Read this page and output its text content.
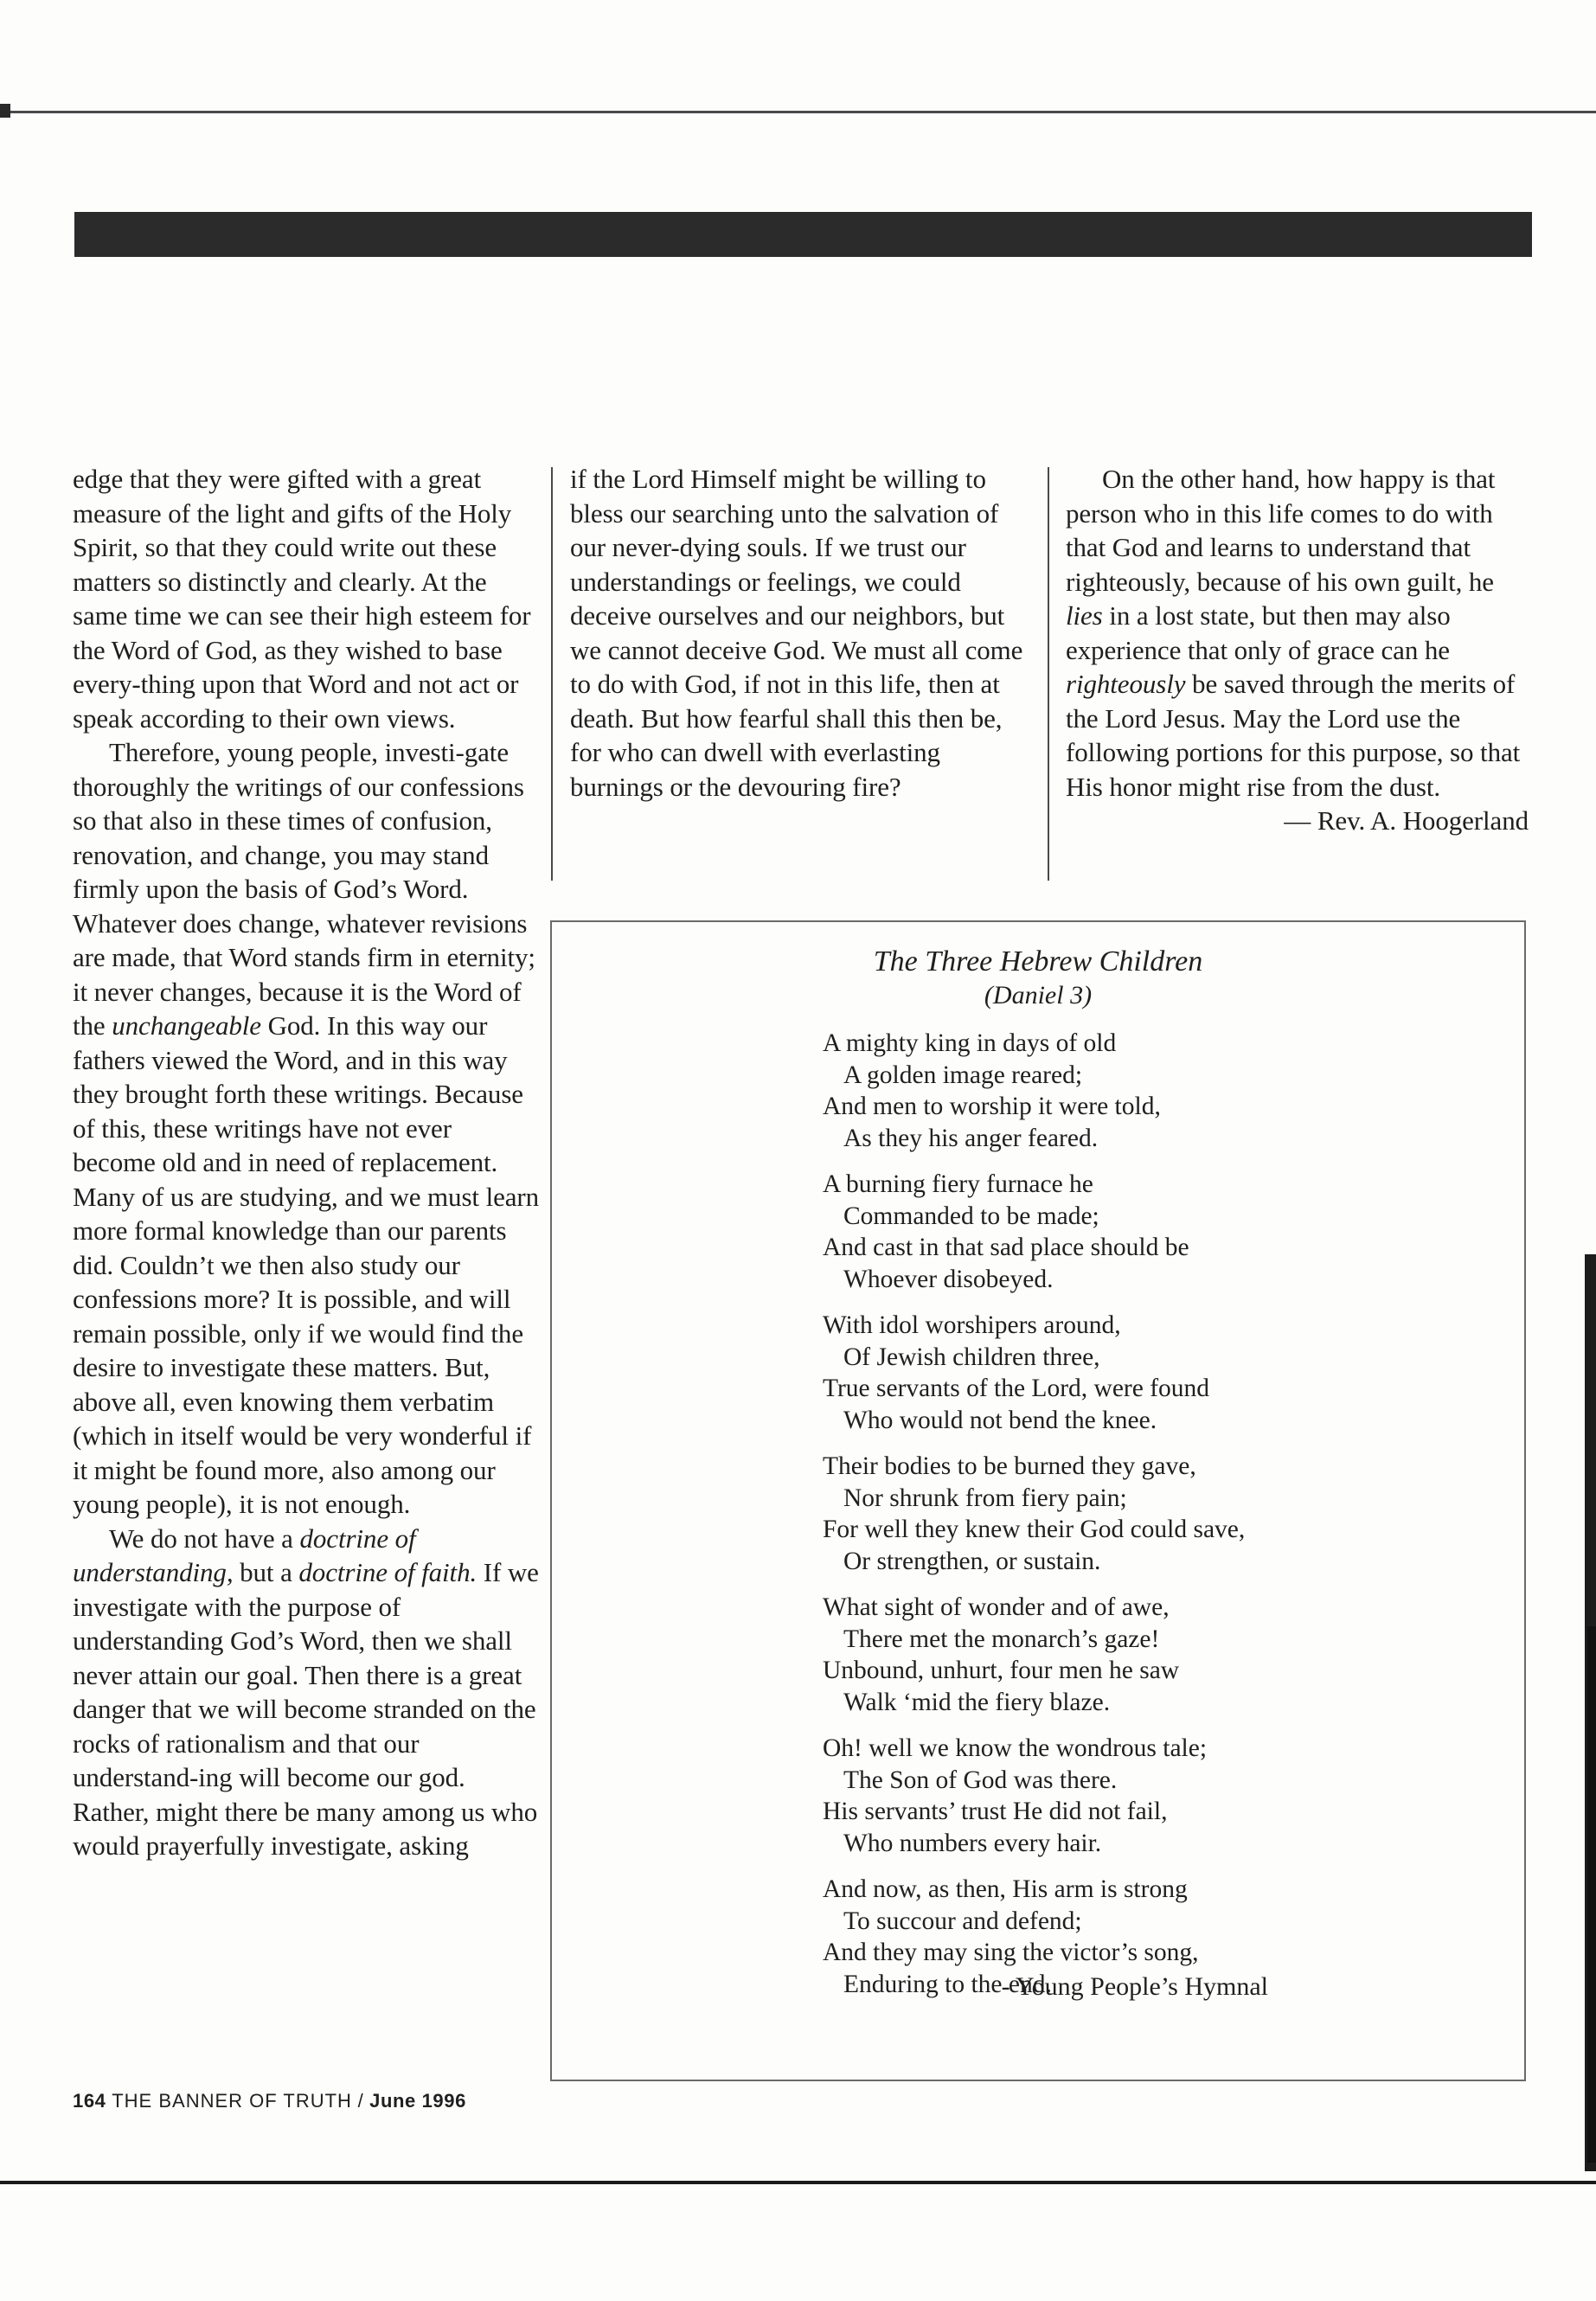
edge that they were gifted with a great measure of the light and gifts of the Holy Spirit, so that they could write out these matters so distinctly and clearly. At the same time we can see their high esteem for the Word of God, as they wished to base every-thing upon that Word and not act or speak according to their own views.

Therefore, young people, investi-gate thoroughly the writings of our confessions so that also in these times of confusion, renovation, and change, you may stand firmly upon the basis of God’s Word. Whatever does change, whatever revisions are made, that Word stands firm in eternity; it never changes, because it is the Word of the unchangeable God. In this way our fathers viewed the Word, and in this way they brought forth these writings. Because of this, these writings have not ever become old and in need of replacement. Many of us are studying, and we must learn more formal knowledge than our parents did. Couldn’t we then also study our confessions more? It is possible, and will remain possible, only if we would find the desire to investigate these matters. But, above all, even knowing them verbatim (which in itself would be very wonderful if it might be found more, also among our young people), it is not enough.

We do not have a doctrine of understanding, but a doctrine of faith. If we investigate with the purpose of understanding God’s Word, then we shall never attain our goal. Then there is a great danger that we will become stranded on the rocks of rationalism and that our understand-ing will become our god. Rather, might there be many among us who would prayerfully investigate, asking

if the Lord Himself might be willing to bless our searching unto the salvation of our never-dying souls. If we trust our understandings or feelings, we could deceive ourselves and our neighbors, but we cannot deceive God. We must all come to do with God, if not in this life, then at death. But how fearful shall this then be, for who can dwell with everlasting burnings or the devouring fire?

On the other hand, how happy is that person who in this life comes to do with that God and learns to understand that righteously, because of his own guilt, he lies in a lost state, but then may also experience that only of grace can he righteously be saved through the merits of the Lord Jesus. May the Lord use the following portions for this purpose, so that His honor might rise from the dust.

— Rev. A. Hoogerland

The Three Hebrew Children
(Daniel 3)
A mighty king in days of old
A golden image reared;
And men to worship it were told,
As they his anger feared.
A burning fiery furnace he
Commanded to be made;
And cast in that sad place should be
Whoever disobeyed.
With idol worshipers around,
Of Jewish children three,
True servants of the Lord, were found
Who would not bend the knee.
Their bodies to be burned they gave,
Nor shrunk from fiery pain;
For well they knew their God could save,
Or strengthen, or sustain.
What sight of wonder and of awe,
There met the monarch’s gaze!
Unbound, unhurt, four men he saw
Walk ‘mid the fiery blaze.
Oh! well we know the wondrous tale;
The Son of God was there.
His servants’ trust He did not fail,
Who numbers every hair.
And now, as then, His arm is strong
To succour and defend;
And they may sing the victor’s song,
Enduring to the end.
- Young People’s Hymnal
164 THE BANNER OF TRUTH / June 1996
